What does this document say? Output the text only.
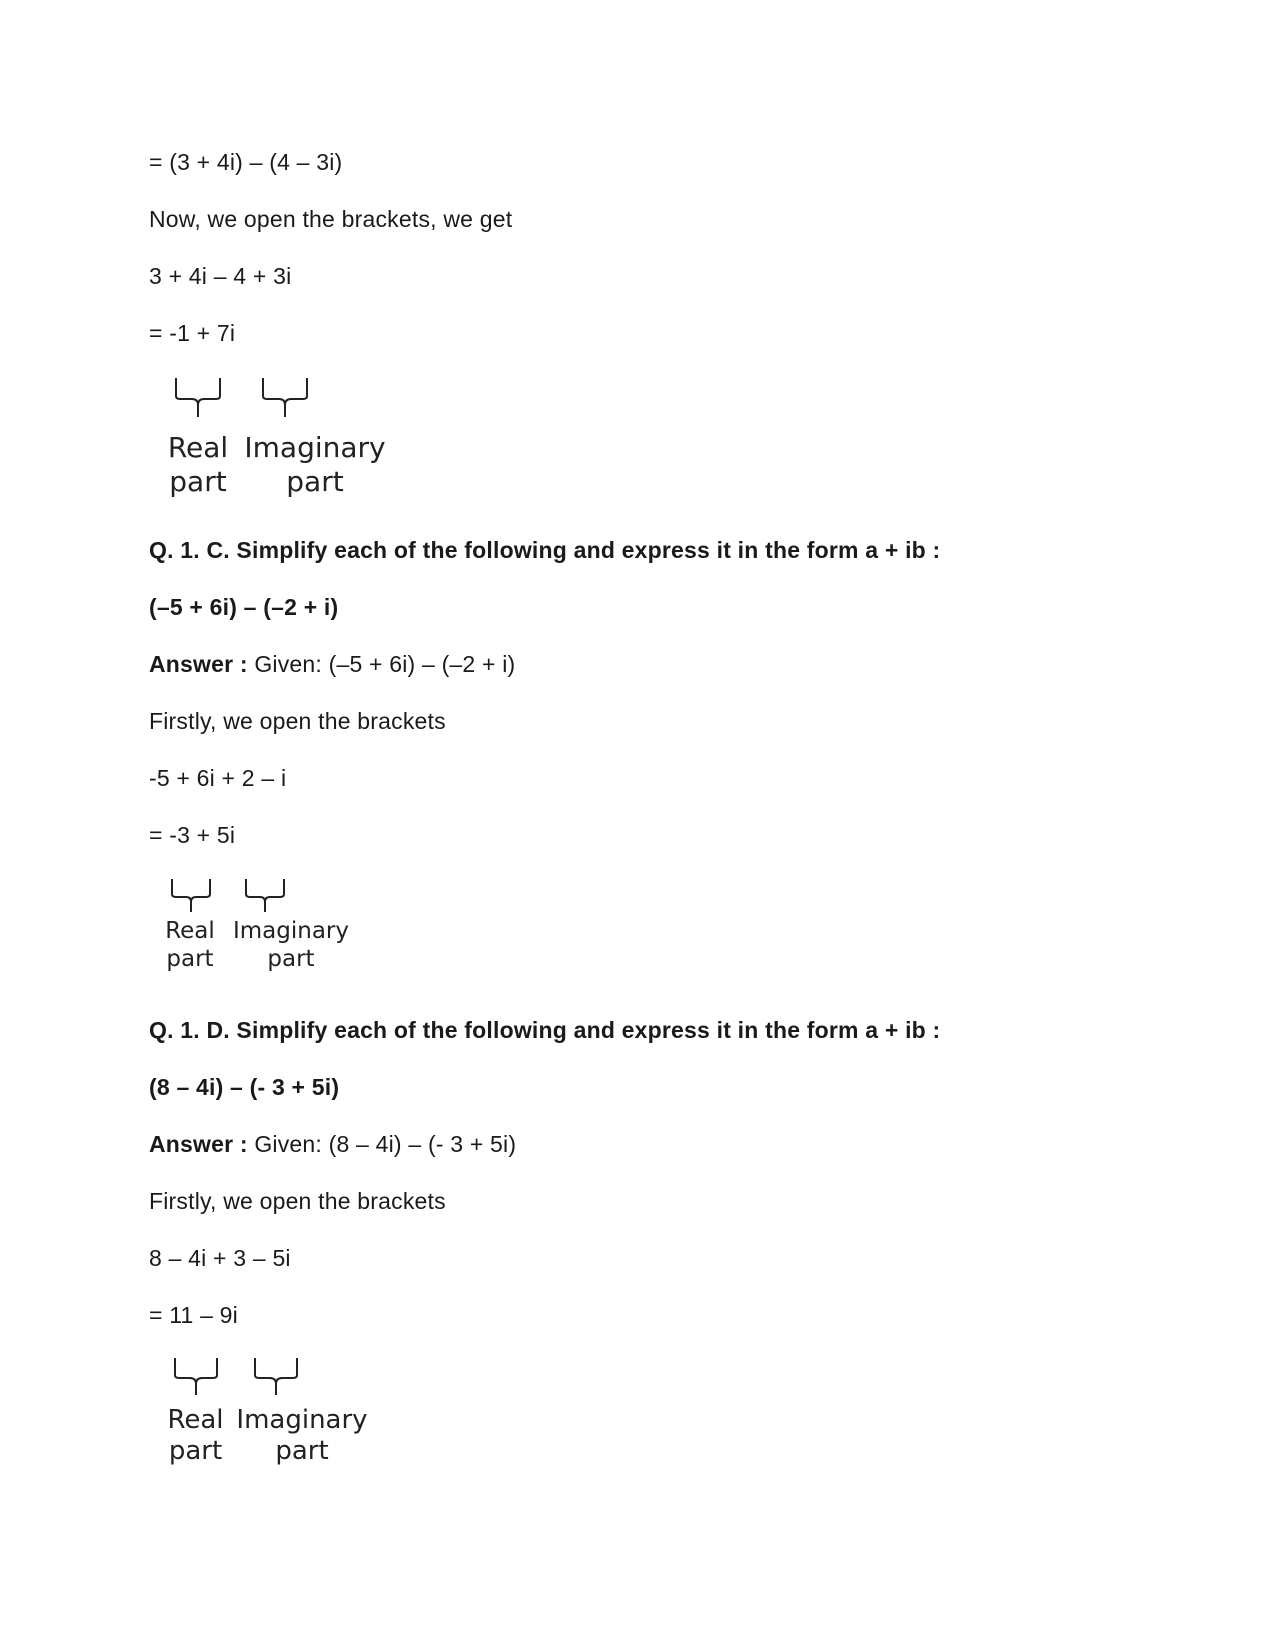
= (3 + 4i) – (4 – 3i)
Now, we open the brackets, we get
3 + 4i – 4 + 3i
= -1 + 7i
Real
part
Imaginary
part
Q. 1. C. Simplify each of the following and express it in the form a + ib :
(–5 + 6i) – (–2 + i)
Answer : Given: (–5 + 6i) – (–2 + i)
Firstly, we open the brackets
-5 + 6i + 2 – i
= -3 + 5i
Real
part
Imaginary
part
Q. 1. D. Simplify each of the following and express it in the form a + ib :
(8 – 4i) – (- 3 + 5i)
Answer : Given: (8 – 4i) – (- 3 + 5i)
Firstly, we open the brackets
8 – 4i + 3 – 5i
= 11 – 9i
Real
part
Imaginary
part
